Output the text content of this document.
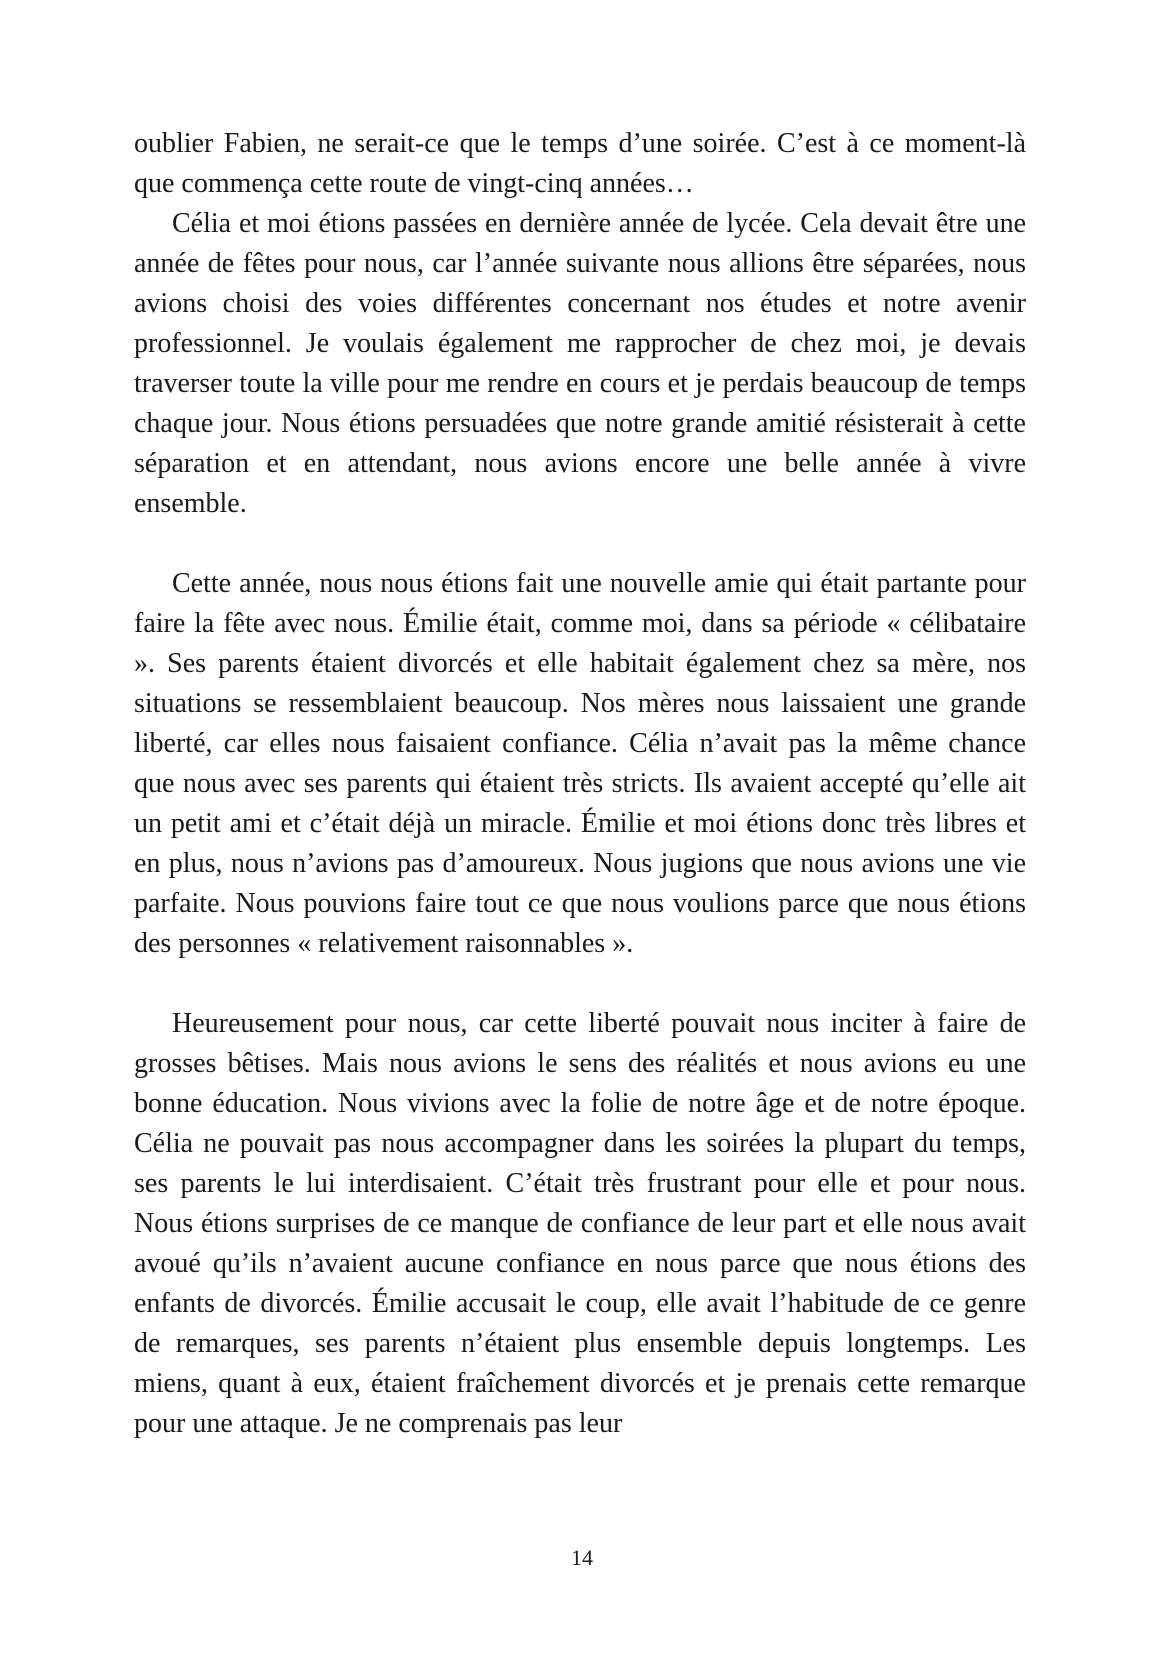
oublier Fabien, ne serait-ce que le temps d’une soirée. C’est à ce moment-là que commença cette route de vingt-cinq années…

Célia et moi étions passées en dernière année de lycée. Cela devait être une année de fêtes pour nous, car l’année suivante nous allions être séparées, nous avions choisi des voies différentes concernant nos études et notre avenir professionnel. Je voulais également me rapprocher de chez moi, je devais traverser toute la ville pour me rendre en cours et je perdais beaucoup de temps chaque jour. Nous étions persuadées que notre grande amitié résisterait à cette séparation et en attendant, nous avions encore une belle année à vivre ensemble.

Cette année, nous nous étions fait une nouvelle amie qui était partante pour faire la fête avec nous. Émilie était, comme moi, dans sa période « célibataire ». Ses parents étaient divorcés et elle habitait également chez sa mère, nos situations se ressemblaient beaucoup. Nos mères nous laissaient une grande liberté, car elles nous faisaient confiance. Célia n’avait pas la même chance que nous avec ses parents qui étaient très stricts. Ils avaient accepté qu’elle ait un petit ami et c’était déjà un miracle. Émilie et moi étions donc très libres et en plus, nous n’avions pas d’amoureux. Nous jugions que nous avions une vie parfaite. Nous pouvions faire tout ce que nous voulions parce que nous étions des personnes « relativement raisonnables ».

Heureusement pour nous, car cette liberté pouvait nous inciter à faire de grosses bêtises. Mais nous avions le sens des réalités et nous avions eu une bonne éducation. Nous vivions avec la folie de notre âge et de notre époque. Célia ne pouvait pas nous accompagner dans les soirées la plupart du temps, ses parents le lui interdisaient. C’était très frustrant pour elle et pour nous. Nous étions surprises de ce manque de confiance de leur part et elle nous avait avoué qu’ils n’avaient aucune confiance en nous parce que nous étions des enfants de divorcés. Émilie accusait le coup, elle avait l’habitude de ce genre de remarques, ses parents n’étaient plus ensemble depuis longtemps. Les miens, quant à eux, étaient fraîchement divorcés et je prenais cette remarque pour une attaque. Je ne comprenais pas leur

14
